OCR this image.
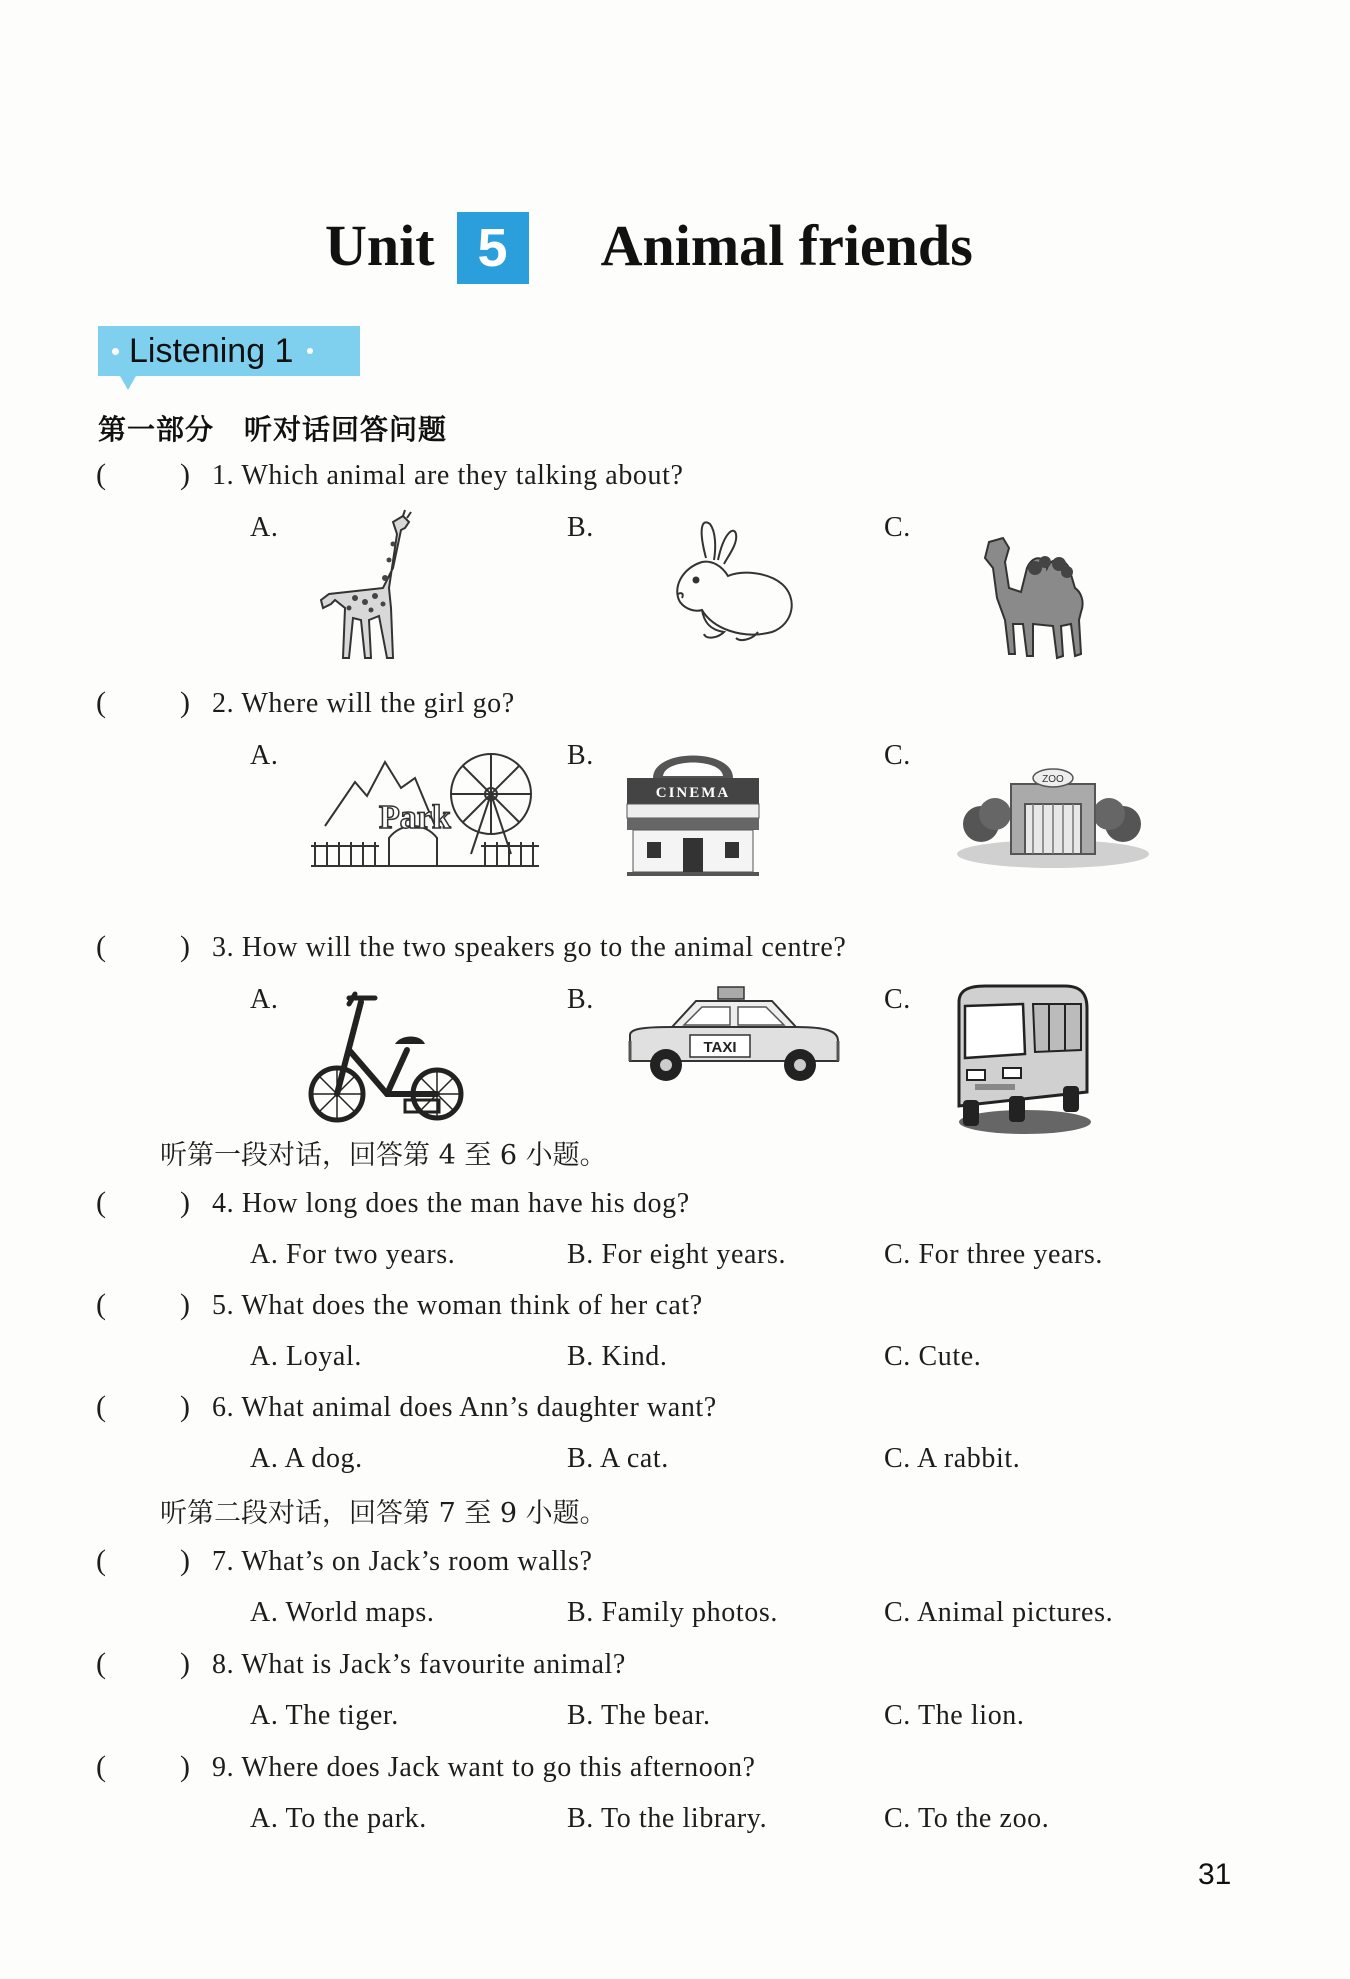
Unit 5	Animal friends
Listening 1
第一部分 听对话回答问题
( ) 1. Which animal are they talking about?
A.	B.	C.
( ) 2. Where will the girl go?
A.	B.	C.
Park
CINEMA
ZOO
( ) 3. How will the two speakers go to the animal centre?
A.	B.	C.
TAXI
听第一段对话，回答第 4 至 6 小题。
( ) 4. How long does the man have his dog?
A. For two years.	B. For eight years.	C. For three years.
( ) 5. What does the woman think of her cat?
A. Loyal.	B. Kind.	C. Cute.
( ) 6. What animal does Ann’s daughter want?
A. A dog.	B. A cat.	C. A rabbit.
听第二段对话，回答第 7 至 9 小题。
( ) 7. What’s on Jack’s room walls?
A. World maps.	B. Family photos.	C. Animal pictures.
( ) 8. What is Jack’s favourite animal?
A. The tiger.	B. The bear.	C. The lion.
( ) 9. Where does Jack want to go this afternoon?
A. To the park.	B. To the library.	C. To the zoo.
31
